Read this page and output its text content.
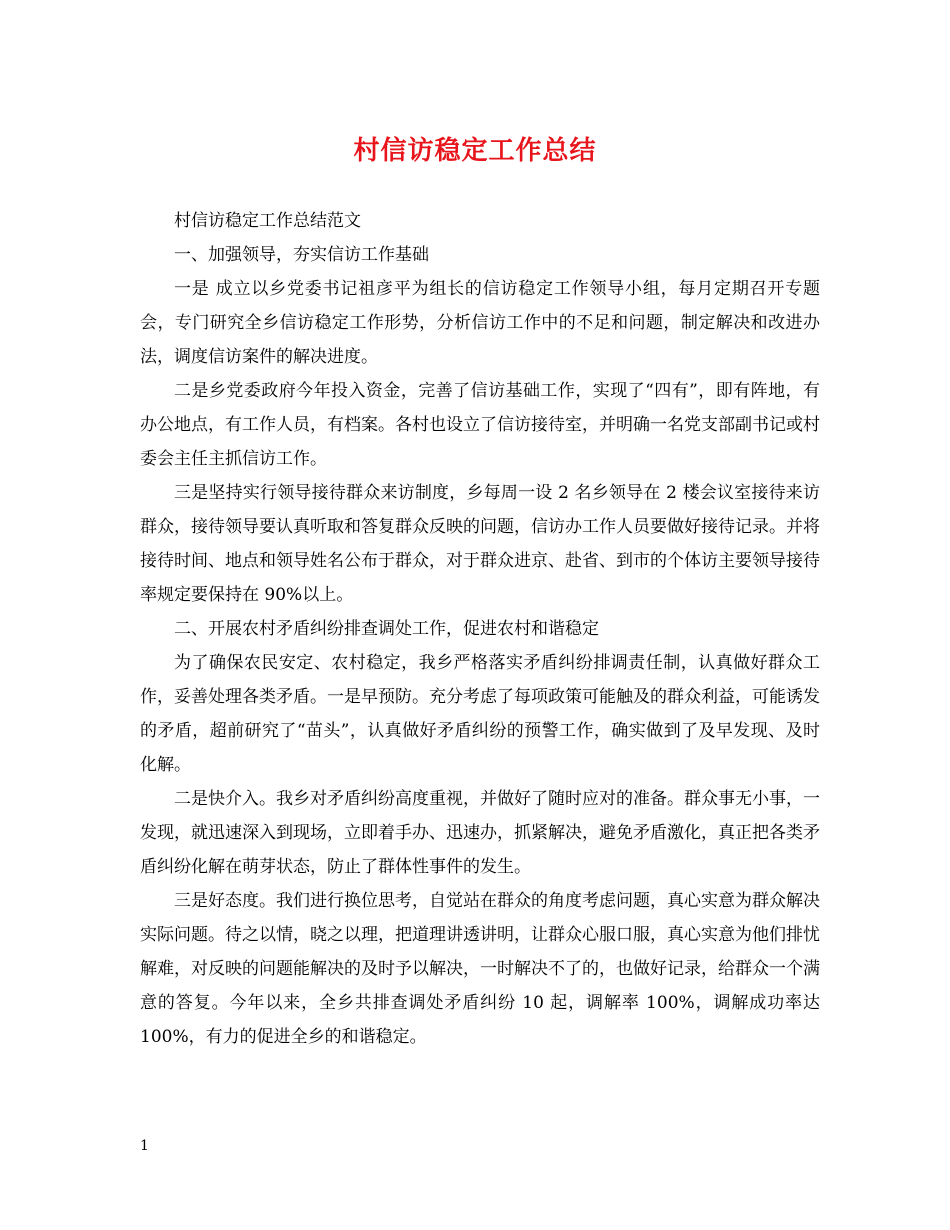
村信访稳定工作总结

村信访稳定工作总结范文

一、加强领导，夯实信访工作基础

一是 成立以乡党委书记祖彦平为组长的信访稳定工作领导小组，每月定期召开专题会，专门研究全乡信访稳定工作形势，分析信访工作中的不足和问题，制定解决和改进办法，调度信访案件的解决进度。

二是乡党委政府今年投入资金，完善了信访基础工作，实现了“四有”，即有阵地，有办公地点，有工作人员，有档案。各村也设立了信访接待室，并明确一名党支部副书记或村委会主任主抓信访工作。

三是坚持实行领导接待群众来访制度，乡每周一设 2 名乡领导在 2 楼会议室接待来访群众，接待领导要认真听取和答复群众反映的问题，信访办工作人员要做好接待记录。并将接待时间、地点和领导姓名公布于群众，对于群众进京、赴省、到市的个体访主要领导接待率规定要保持在 90%以上。

二、开展农村矛盾纠纷排查调处工作，促进农村和谐稳定

为了确保农民安定、农村稳定，我乡严格落实矛盾纠纷排调责任制，认真做好群众工作，妥善处理各类矛盾。一是早预防。充分考虑了每项政策可能触及的群众利益，可能诱发的矛盾，超前研究了“苗头”，认真做好矛盾纠纷的预警工作，确实做到了及早发现、及时化解。

二是快介入。我乡对矛盾纠纷高度重视，并做好了随时应对的准备。群众事无小事，一发现，就迅速深入到现场，立即着手办、迅速办，抓紧解决，避免矛盾激化，真正把各类矛盾纠纷化解在萌芽状态，防止了群体性事件的发生。

三是好态度。我们进行换位思考，自觉站在群众的角度考虑问题，真心实意为群众解决实际问题。待之以情，晓之以理，把道理讲透讲明，让群众心服口服，真心实意为他们排忧解难，对反映的问题能解决的及时予以解决，一时解决不了的，也做好记录，给群众一个满意的答复。今年以来，全乡共排查调处矛盾纠纷 10 起，调解率 100%，调解成功率达 100%，有力的促进全乡的和谐稳定。

1
